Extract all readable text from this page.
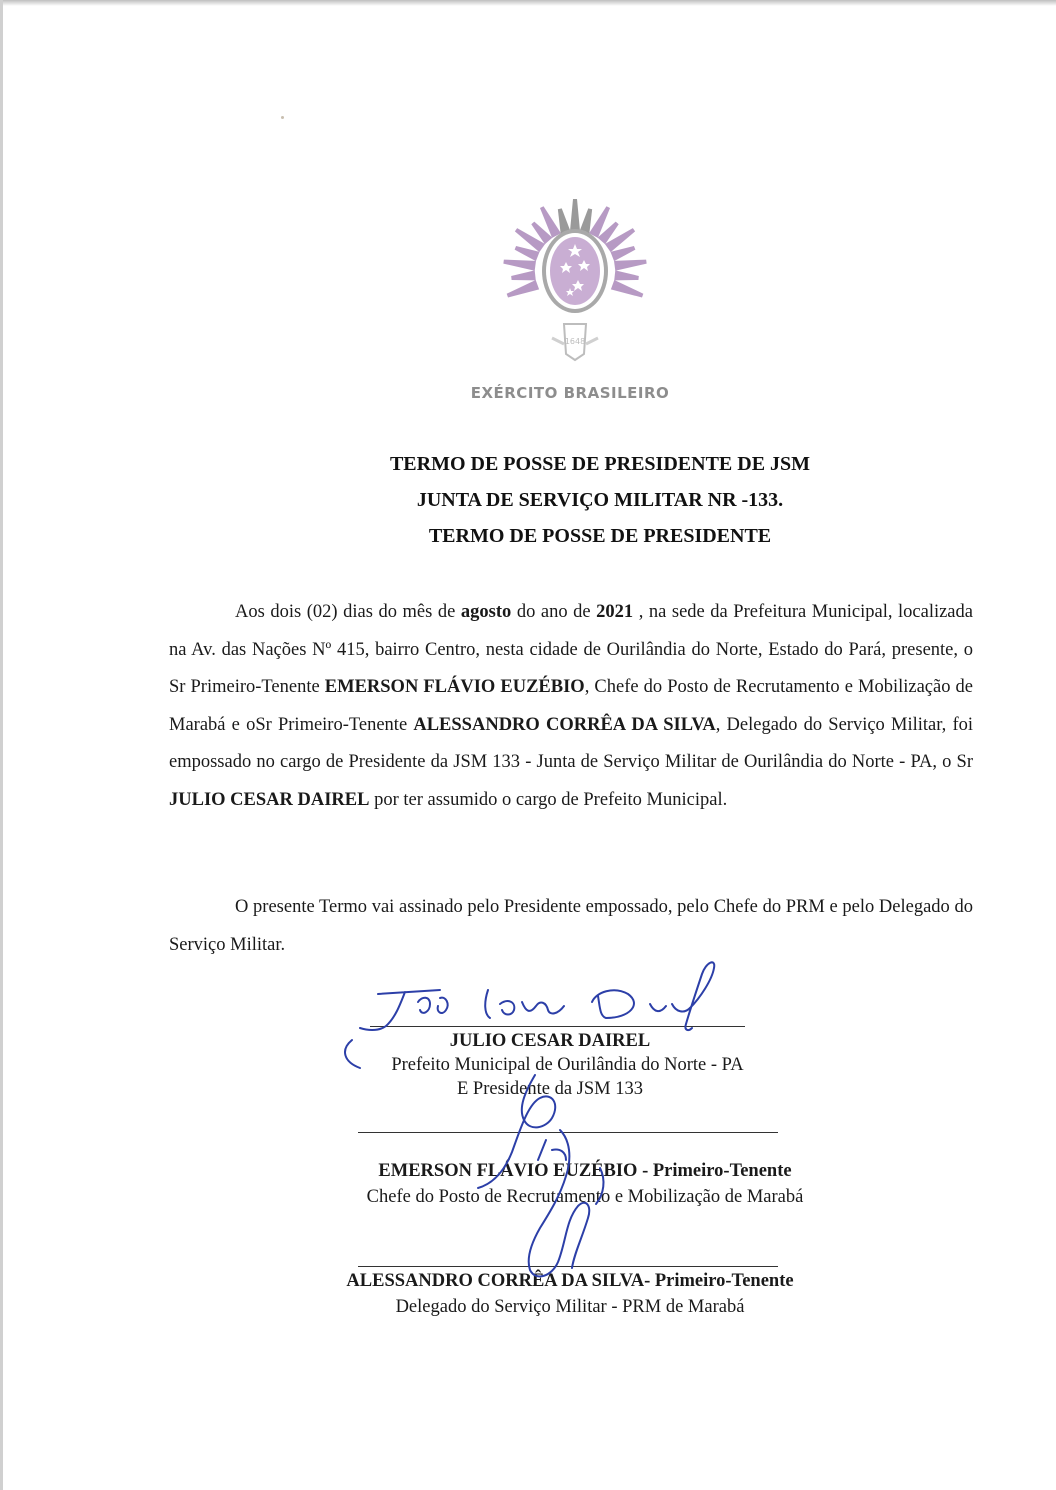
1648
EXÉRCITO BRASILEIRO
TERMO DE POSSE DE PRESIDENTE DE JSM
JUNTA DE SERVIÇO MILITAR NR -133.
TERMO DE POSSE DE PRESIDENTE
Aos dois (02) dias do mês de agosto do ano de 2021 , na sede da Prefeitura Municipal, localizada na Av. das Nações Nº 415, bairro Centro, nesta cidade de Ourilândia do Norte, Estado do Pará, presente, o Sr Primeiro-Tenente EMERSON FLÁVIO EUZÉBIO, Chefe do Posto de Recrutamento e Mobilização de Marabá e oSr Primeiro-Tenente ALESSANDRO CORRÊA DA SILVA, Delegado do Serviço Militar, foi empossado no cargo de Presidente da JSM 133 - Junta de Serviço Militar de Ourilândia do Norte - PA, o Sr JULIO CESAR DAIREL por ter assumido o cargo de Prefeito Municipal.
O presente Termo vai assinado pelo Presidente empossado, pelo Chefe do PRM e pelo Delegado do Serviço Militar.
JULIO CESAR DAIREL
Prefeito Municipal de Ourilândia do Norte - PA
E Presidente da JSM 133
EMERSON FLÁVIO EUZÉBIO - Primeiro-Tenente
Chefe do Posto de Recrutamento e Mobilização de Marabá
ALESSANDRO CORRÊA DA SILVA- Primeiro-Tenente
Delegado do Serviço Militar - PRM de Marabá
